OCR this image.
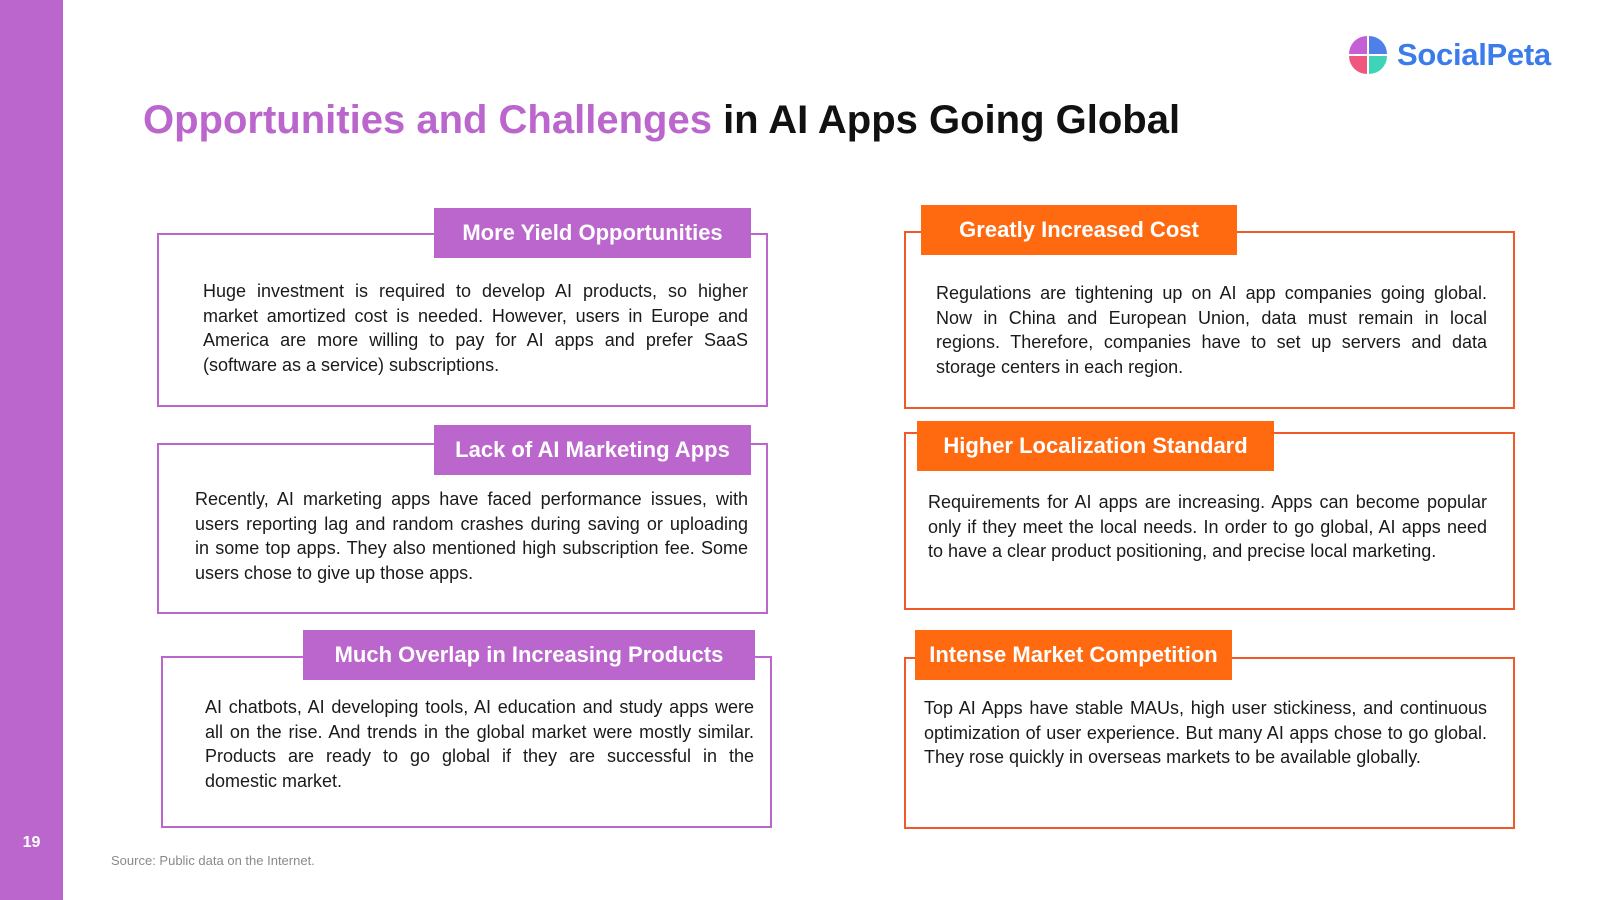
19
SocialPeta
Opportunities and Challenges in AI Apps Going Global
Huge investment is required to develop AI products, so higher market amortized cost is needed. However, users in Europe and America are more willing to pay for AI apps and prefer SaaS (software as a service) subscriptions.
More Yield Opportunities
Recently, AI marketing apps have faced performance issues, with users reporting lag and random crashes during saving or uploading in some top apps. They also mentioned high subscription fee. Some users chose to give up those apps.
Lack of AI Marketing Apps
AI chatbots, AI developing tools, AI education and study apps were all on the rise. And trends in the global market were mostly similar. Products are ready to go global if they are successful in the domestic market.
Much Overlap in Increasing Products
Regulations are tightening up on AI app companies going global. Now in China and European Union, data must remain in local regions. Therefore, companies have to set up servers and data storage centers in each region.
Greatly Increased Cost
Requirements for AI apps are increasing. Apps can become popular only if they meet the local needs. In order to go global, AI apps need to have a clear product positioning, and precise local marketing.
Higher Localization Standard
Top AI Apps have stable MAUs, high user stickiness, and continuous optimization of user experience. But many AI apps chose to go global. They rose quickly in overseas markets to be available globally.
Intense Market Competition
Source: Public data on the Internet.
